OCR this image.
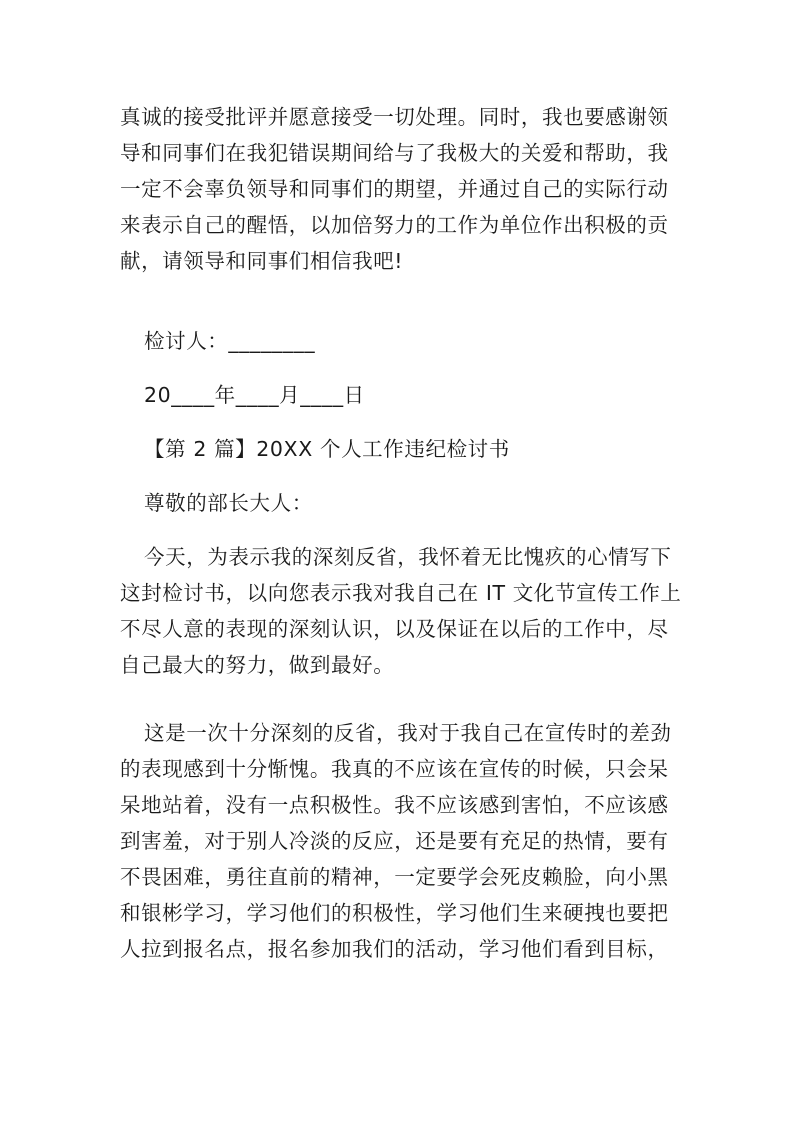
真诚的接受批评并愿意接受一切处理。同时，我也要感谢领
导和同事们在我犯错误期间给与了我极大的关爱和帮助，我
一定不会辜负领导和同事们的期望，并通过自己的实际行动
来表示自己的醒悟，以加倍努力的工作为单位作出积极的贡
献，请领导和同事们相信我吧!
检讨人：________
20____年____月____日
【第 2 篇】20XX 个人工作违纪检讨书
尊敬的部长大人：
今天，为表示我的深刻反省，我怀着无比愧疚的心情写下
这封检讨书，以向您表示我对我自己在 IT 文化节宣传工作上
不尽人意的表现的深刻认识，以及保证在以后的工作中，尽
自己最大的努力，做到最好。
这是一次十分深刻的反省，我对于我自己在宣传时的差劲
的表现感到十分惭愧。我真的不应该在宣传的时候，只会呆
呆地站着，没有一点积极性。我不应该感到害怕，不应该感
到害羞，对于别人冷淡的反应，还是要有充足的热情，要有
不畏困难，勇往直前的精神，一定要学会死皮赖脸，向小黑
和银彬学习，学习他们的积极性，学习他们生来硬拽也要把
人拉到报名点，报名参加我们的活动，学习他们看到目标，
